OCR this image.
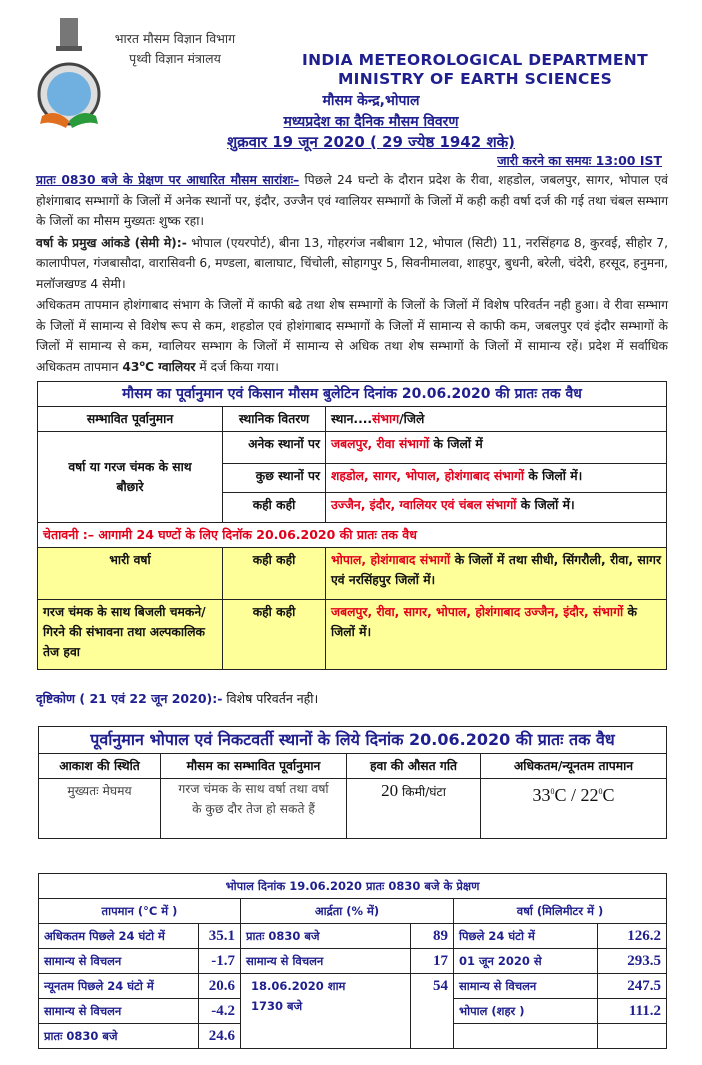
भारत मौसम विज्ञान विभाग
पृथ्वी विज्ञान मंत्रालय	INDIA METEOROLOGICAL DEPARTMENT
MINISTRY OF EARTH SCIENCES
मौसम केन्द्र,भोपाल
मध्यप्रदेश का दैनिक मौसम विवरण
शुक्रवार 19 जून 2020 ( 29 ज्येष्ठ 1942 शके)
जारी करने का समयः 13:00 IST

प्रातः 0830 बजे के प्रेक्षण पर आधारित मौसम सारांशः– पिछले 24 घन्टो के दौरान प्रदेश के रीवा, शहडोल, जबलपुर, सागर, भोपाल एवं होशंगाबाद सम्भागों के जिलों में अनेक स्थानों पर, इंदौर, उज्जैन एवं ग्वालियर सम्भागों के जिलों में कही कही वर्षा दर्ज की गई तथा चंबल सम्भाग के जिलों का मौसम मुख्यतः शुष्क रहा।

वर्षा के प्रमुख आंकडे (सेमी मे):- भोपाल (एयरपोर्ट), बीना 13, गोहरगंज नबीबाग 12, भोपाल (सिटी) 11, नरसिंहगढ 8, कुरवई, सीहोर 7, कालापीपल, गंजबासौदा, वारासिवनी 6, मण्डला, बालाघाट, चिंचोली, सोहागपुर 5, सिवनीमालवा, शाहपुर, बुधनी, बरेली, चंदेरी, हरसूद, हनुमना, मलॉजखण्ड 4 सेमी।

अधिकतम तापमान होशंगाबाद संभाग के जिलों में काफी बढे तथा शेष सम्भागों के जिलों के जिलों में विशेष परिवर्तन नही हुआ। वे रीवा सम्भाग के जिलों में सामान्य से विशेष रूप से कम, शहडोल एवं होशंगाबाद सम्भागों के जिलों में सामान्य से काफी कम, जबलपुर एवं इंदौर सम्भागों के जिलों में सामान्य से कम, ग्वालियर सम्भाग के जिलों में सामान्य से अधिक तथा शेष सम्भागों के जिलों में सामान्य रहें। प्रदेश में सर्वाधिक अधिकतम तापमान 43$^o$C ग्वालियर में दर्ज किया गया।

मौसम का पूर्वानुमान एवं किसान मौसम बुलेटिन दिनांक 20.06.2020 की प्रातः तक वैध		
सम्भावित पूर्वानुमान	स्थानिक वितरण	स्थान....संभाग/जिले
वर्षा या गरज चंमक के साथ बौछारे	अनेक स्थानों पर	जबलपुर, रीवा संभागों के जिलों में
	कुछ स्थानों पर	शहडोल, सागर, भोपाल, होशंगाबाद संभागों के जिलों में।
	कही कही	उज्जैन, इंदौर, ग्वालियर एवं चंबल संभागों के जिलों में।
चेतावनी :– आगामी 24 घण्टों के लिए दिनॉक 20.06.2020 की प्रातः तक वैध		
भारी वर्षा	कही कही	भोपाल, होशंगाबाद संभागों के जिलों में तथा सीधी, सिंगरौली, रीवा, सागर एवं नरसिंहपुर जिलों में।
गरज चंमक के साथ बिजली चमकने/गिरने की संभावना तथा अल्पकालिक तेज हवा	कही कही	जबलपुर, रीवा, सागर, भोपाल, होशंगाबाद उज्जैन, इंदौर, संभागों के जिलों में।
दृष्टिकोण ( 21 एवं 22 जून 2020):- विशेष परिवर्तन नही।
पूर्वानुमान भोपाल एवं निकटवर्ती स्थानों के लिये दिनांक 20.06.2020 की प्रातः तक वैध			
आकाश की स्थिति	मौसम का सम्भावित पूर्वानुमान	हवा की औसत गति	अधिकतम/न्यूनतम तापमान
मुख्यतः मेघमय	गरज चंमक के साथ वर्षा तथा वर्षा के कुछ दौर तेज हो सकते हैं	20 किमी/घंटा	$33^0C / 22^0C$
भोपाल दिनांक 19.06.2020 प्रातः 0830 बजे के प्रेक्षण					
तापमान (°C में )		आर्द्रता (% में)		वर्षा (मिलिमीटर में )	
अधिकतम पिछले 24 घंटो में	35.1	प्रातः 0830 बजे	89	पिछले 24 घंटो में	126.2
सामान्य से विचलन	-1.7	सामान्य से विचलन	17	01 जून 2020 से	293.5
न्यूनतम पिछले 24 घंटो में	20.6	18.06.2020 शाम 1730 बजे	54	सामान्य से विचलन	247.5
सामान्य से विचलन	-4.2			भोपाल (शहर )	111.2
प्रातः 0830 बजे	24.6				
